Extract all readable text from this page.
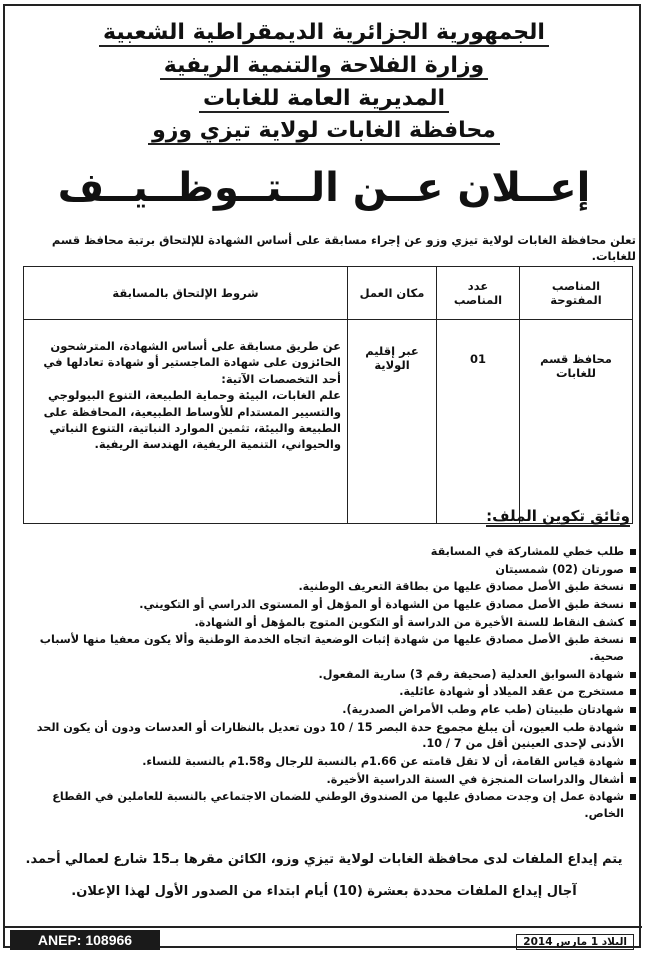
الجمهورية الجزائرية الديمقراطية الشعبية
وزارة الفلاحة والتنمية الريفية
المديرية العامة للغابات
محافظة الغابات لولاية تيزي وزو
إعــلان عــن الــتــوظــيــف
تعلن محافظة الغابات لولاية تيزي وزو عن إجراء مسابقة على أساس الشهادة للإلتحاق برتبة محافظ قسم للغابات.
المناصب المفتوحة	عدد المناصب	مكان العمل	شروط الإلتحاق بالمسابقة
محافظ قسم للغابات	01	عبر إقليم الولاية	عن طريق مسابقة على أساس الشهادة، المترشحون الحائزون على شهادة الماجستير أو شهادة تعادلها في أحد التخصصات الآتية:
علم الغابات، البيئة وحماية الطبيعة، التنوع البيولوجي والتسيير المستدام للأوساط الطبيعية، المحافظة على الطبيعة والبيئة، تثمين الموارد النباتية، التنوع النباتي والحيواني، التنمية الريفية، الهندسة الريفية.
وثائق تكوين الملف:
طلب خطي للمشاركة في المسابقة
صورتان (02) شمسيتان
نسخة طبق الأصل مصادق عليها من بطاقة التعريف الوطنية.
نسخة طبق الأصل مصادق عليها من الشهادة أو المؤهل أو المستوى الدراسي أو التكويني.
كشف النقاط للسنة الأخيرة من الدراسة أو التكوين المتوج بالمؤهل أو الشهادة.
نسخة طبق الأصل مصادق عليها من شهادة إثبات الوضعية اتجاه الخدمة الوطنية وألا يكون معفيا منها لأسباب صحية.
شهادة السوابق العدلية (صحيفة رقم 3) سارية المفعول.
مستخرج من عقد الميلاد أو شهادة عائلية.
شهادتان طبيتان (طب عام وطب الأمراض الصدرية).
شهادة طب العيون، أن يبلغ مجموع حدة البصر 15 / 10 دون تعديل بالنظارات أو العدسات ودون أن يكون الحد الأدنى لإحدى العينين أقل من 7 / 10.
شهادة قياس القامة، أن لا تقل قامته عن 1.66م بالنسبة للرجال و1.58م بالنسبة للنساء.
أشغال والدراسات المنجزة في السنة الدراسية الأخيرة.
شهادة عمل إن وجدت مصادق عليها من الصندوق الوطني للضمان الاجتماعي بالنسبة للعاملين في القطاع الخاص.
يتم إيداع الملفات لدى محافظة الغابات لولاية تيزي وزو، الكائن مقرها بـ15 شارع لعمالي أحمد.
آجال إيداع الملفات محددة بعشرة (10) أيام ابتداء من الصدور الأول لهذا الإعلان.
ANEP: 108966	البلاد 1 مارس 2014
